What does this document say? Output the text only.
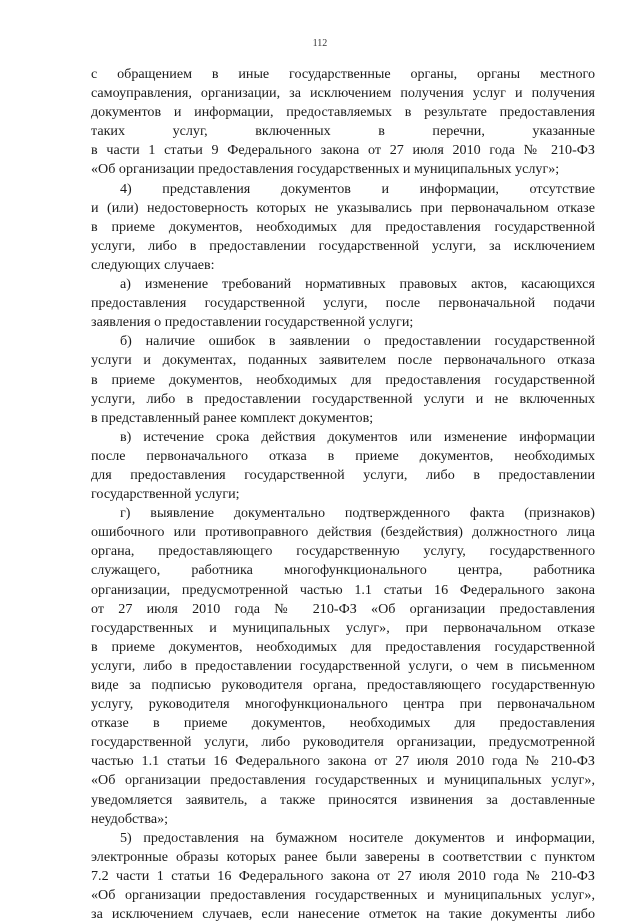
112
с обращением в иные государственные органы, органы местного
самоуправления, организации, за исключением получения услуг и получения
документов и информации, предоставляемых в результате предоставления
таких услуг, включенных в перечни, указанные
в части 1 статьи 9 Федерального закона от 27 июля 2010 года № 210-ФЗ
«Об организации предоставления государственных и муниципальных услуг»;
4) представления документов и информации, отсутствие
и (или) недостоверность которых не указывались при первоначальном отказе
в приеме документов, необходимых для предоставления государственной
услуги, либо в предоставлении государственной услуги, за исключением
следующих случаев:
а) изменение требований нормативных правовых актов, касающихся
предоставления государственной услуги, после первоначальной подачи
заявления о предоставлении государственной услуги;
б) наличие ошибок в заявлении о предоставлении государственной
услуги и документах, поданных заявителем после первоначального отказа
в приеме документов, необходимых для предоставления государственной
услуги, либо в предоставлении государственной услуги и не включенных
в представленный ранее комплект документов;
в) истечение срока действия документов или изменение информации
после первоначального отказа в приеме документов, необходимых
для предоставления государственной услуги, либо в предоставлении
государственной услуги;
г) выявление документально подтвержденного факта (признаков)
ошибочного или противоправного действия (бездействия) должностного лица
органа, предоставляющего государственную услугу, государственного
служащего, работника многофункционального центра, работника
организации, предусмотренной частью 1.1 статьи 16 Федерального закона
от 27 июля 2010 года № 210-ФЗ «Об организации предоставления
государственных и муниципальных услуг», при первоначальном отказе
в приеме документов, необходимых для предоставления государственной
услуги, либо в предоставлении государственной услуги, о чем в письменном
виде за подписью руководителя органа, предоставляющего государственную
услугу, руководителя многофункционального центра при первоначальном
отказе в приеме документов, необходимых для предоставления
государственной услуги, либо руководителя организации, предусмотренной
частью 1.1 статьи 16 Федерального закона от 27 июля 2010 года № 210-ФЗ
«Об организации предоставления государственных и муниципальных услуг»,
уведомляется заявитель, а также приносятся извинения за доставленные
неудобства»;
5) предоставления на бумажном носителе документов и информации,
электронные образы которых ранее были заверены в соответствии с пунктом
7.2 части 1 статьи 16 Федерального закона от 27 июля 2010 года № 210-ФЗ
«Об организации предоставления государственных и муниципальных услуг»,
за исключением случаев, если нанесение отметок на такие документы либо
